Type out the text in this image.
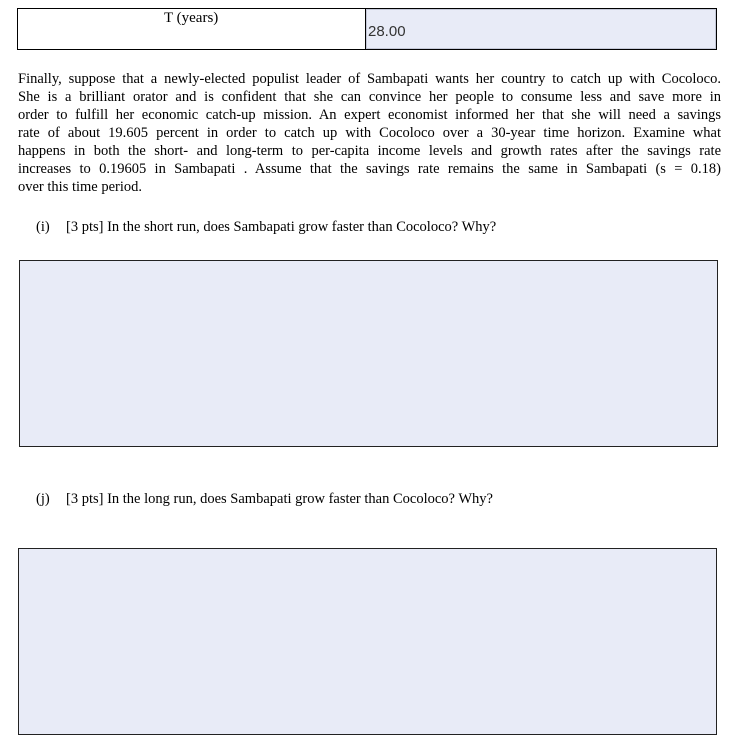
T (years)
28.00
Finally, suppose that a newly-elected populist leader of Sambapati wants her country to catch up with Cocoloco.
She is a brilliant orator and is confident that she can convince her people to consume less and save more in
order to fulfill her economic catch-up mission. An expert economist informed her that she will need a savings
rate of about 19.605 percent in order to catch up with Cocoloco over a 30-year time horizon. Examine what
happens in both the short- and long-term to per-capita income levels and growth rates after the savings rate
increases to 0.19605 in Sambapati . Assume that the savings rate remains the same in Sambapati (s = 0.18)
over this time period.
(i) [3 pts] In the short run, does Sambapati grow faster than Cocoloco? Why?
(j) [3 pts] In the long run, does Sambapati grow faster than Cocoloco? Why?
